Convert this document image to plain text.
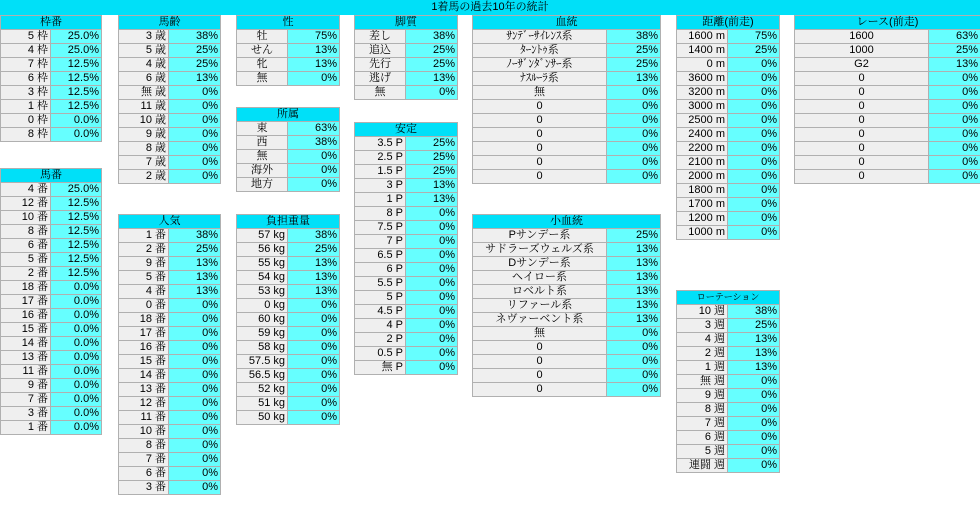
1着馬の過去10年の統計
枠番	
5 枠	25.0%
4 枠	25.0%
7 枠	12.5%
6 枠	12.5%
3 枠	12.5%
1 枠	12.5%
0 枠	0.0%
8 枠	0.0%
馬番	
4 番	25.0%
12 番	12.5%
10 番	12.5%
8 番	12.5%
6 番	12.5%
5 番	12.5%
2 番	12.5%
18 番	0.0%
17 番	0.0%
16 番	0.0%
15 番	0.0%
14 番	0.0%
13 番	0.0%
11 番	0.0%
9 番	0.0%
7 番	0.0%
3 番	0.0%
1 番	0.0%
馬齢	
3 歳	38%
5 歳	25%
4 歳	25%
6 歳	13%
無 歳	0%
11 歳	0%
10 歳	0%
9 歳	0%
8 歳	0%
7 歳	0%
2 歳	0%
人気	
1 番	38%
2 番	25%
9 番	13%
5 番	13%
4 番	13%
0 番	0%
18 番	0%
17 番	0%
16 番	0%
15 番	0%
14 番	0%
13 番	0%
12 番	0%
11 番	0%
10 番	0%
8 番	0%
7 番	0%
6 番	0%
3 番	0%
性	
牡	75%
せん	13%
牝	13%
無	0%
所属	
東	63%
西	38%
無	0%
海外	0%
地方	0%
負担重量	
57 kg	38%
56 kg	25%
55 kg	13%
54 kg	13%
53 kg	13%
0 kg	0%
60 kg	0%
59 kg	0%
58 kg	0%
57.5 kg	0%
56.5 kg	0%
52 kg	0%
51 kg	0%
50 kg	0%
脚質	
差し	38%
追込	25%
先行	25%
逃げ	13%
無	0%
安定	
3.5 P	25%
2.5 P	25%
1.5 P	25%
3 P	13%
1 P	13%
8 P	0%
7.5 P	0%
7 P	0%
6.5 P	0%
6 P	0%
5.5 P	0%
5 P	0%
4.5 P	0%
4 P	0%
2 P	0%
0.5 P	0%
無 P	0%
血統	
ｻﾝﾃﾞｰｻｲﾚﾝｽ系	38%
ﾀｰﾝﾄｩ系	25%
ﾉｰｻﾞﾝﾀﾞﾝｻｰ系	25%
ﾅｽﾙｰﾗ系	13%
無	0%
0	0%
0	0%
0	0%
0	0%
0	0%
0	0%
小血統	
Pサンデー系	25%
サドラーズウェルズ系	13%
Dサンデー系	13%
ヘイロー系	13%
ロベルト系	13%
リファール系	13%
ネヴァーベント系	13%
無	0%
0	0%
0	0%
0	0%
0	0%
距離(前走)	
1600 m	75%
1400 m	25%
0 m	0%
3600 m	0%
3200 m	0%
3000 m	0%
2500 m	0%
2400 m	0%
2200 m	0%
2100 m	0%
2000 m	0%
1800 m	0%
1700 m	0%
1200 m	0%
1000 m	0%
ローテーション	
10 週	38%
3 週	25%
4 週	13%
2 週	13%
1 週	13%
無 週	0%
9 週	0%
8 週	0%
7 週	0%
6 週	0%
5 週	0%
連闘 週	0%
レース(前走)	
1600	63%
1000	25%
G2	13%
0	0%
0	0%
0	0%
0	0%
0	0%
0	0%
0	0%
0	0%
